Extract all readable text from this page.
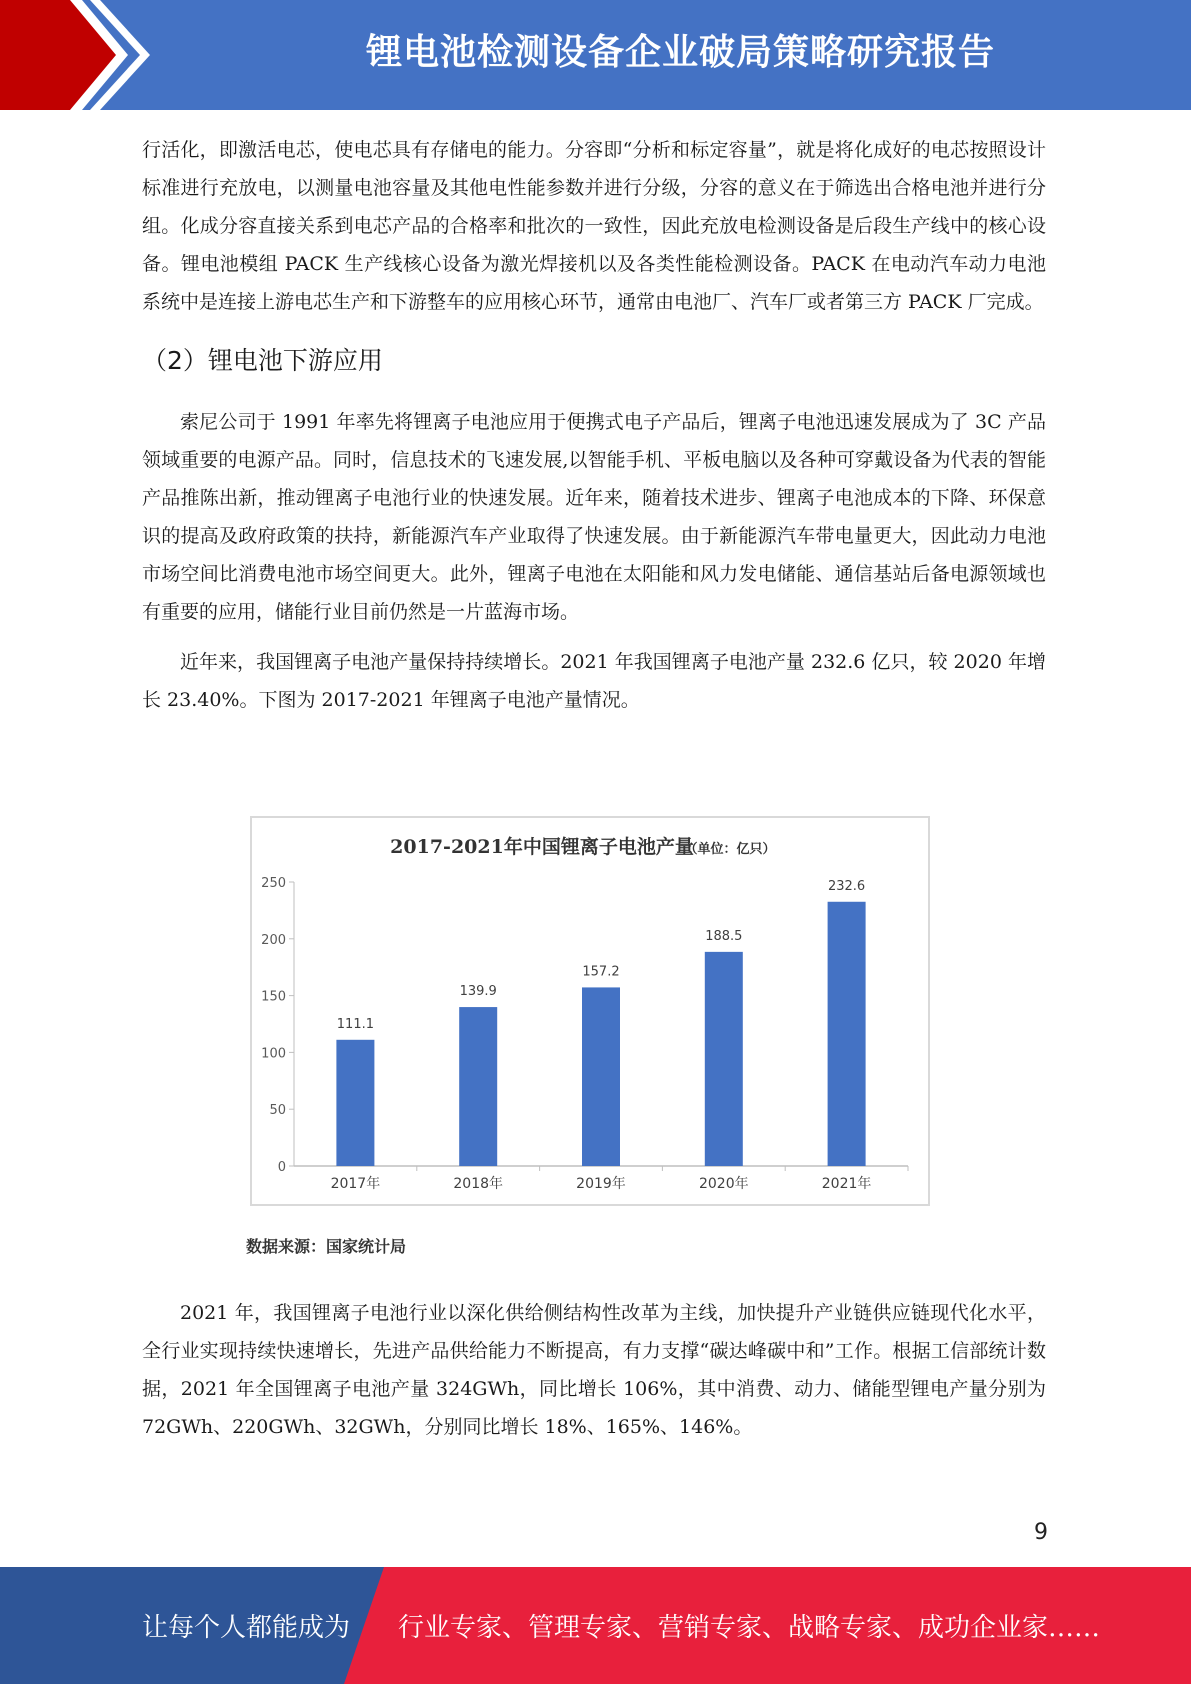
锂电池检测设备企业破局策略研究报告

行活化，即激活电芯，使电芯具有存储电的能力。分容即“分析和标定容量”，就是将化成好的电芯按照设计标准进行充放电，以测量电池容量及其他电性能参数并进行分级，分容的意义在于筛选出合格电池并进行分组。化成分容直接关系到电芯产品的合格率和批次的一致性，因此充放电检测设备是后段生产线中的核心设备。锂电池模组 PACK 生产线核心设备为激光焊接机以及各类性能检测设备。PACK 在电动汽车动力电池系统中是连接上游电芯生产和下游整车的应用核心环节，通常由电池厂、汽车厂或者第三方 PACK 厂完成。

（2）锂电池下游应用

索尼公司于 1991 年率先将锂离子电池应用于便携式电子产品后，锂离子电池迅速发展成为了 3C 产品领域重要的电源产品。同时，信息技术的飞速发展,以智能手机、平板电脑以及各种可穿戴设备为代表的智能产品推陈出新，推动锂离子电池行业的快速发展。近年来，随着技术进步、锂离子电池成本的下降、环保意识的提高及政府政策的扶持，新能源汽车产业取得了快速发展。由于新能源汽车带电量更大，因此动力电池市场空间比消费电池市场空间更大。此外，锂离子电池在太阳能和风力发电储能、通信基站后备电源领域也有重要的应用，储能行业目前仍然是一片蓝海市场。

近年来，我国锂离子电池产量保持持续增长。2021 年我国锂离子电池产量 232.6 亿只，较 2020 年增长 23.40%。下图为 2017-2021 年锂离子电池产量情况。

2017-2021年中国锂离子电池产量
（单位：亿只）
0
50
100
150
200
250
2017年	2018年	2019年	2020年	2021年
111.1
139.9
157.2
188.5
232.6
数据来源：国家统计局

2021 年，我国锂离子电池行业以深化供给侧结构性改革为主线，加快提升产业链供应链现代化水平，全行业实现持续快速增长，先进产品供给能力不断提高，有力支撑“碳达峰碳中和”工作。根据工信部统计数据，2021 年全国锂离子电池产量 324GWh，同比增长 106%，其中消费、动力、储能型锂电产量分别为 72GWh、220GWh、32GWh，分别同比增长 18%、165%、146%。

9
让每个人都能成为 行业专家、管理专家、营销专家、战略专家、成功企业家……
